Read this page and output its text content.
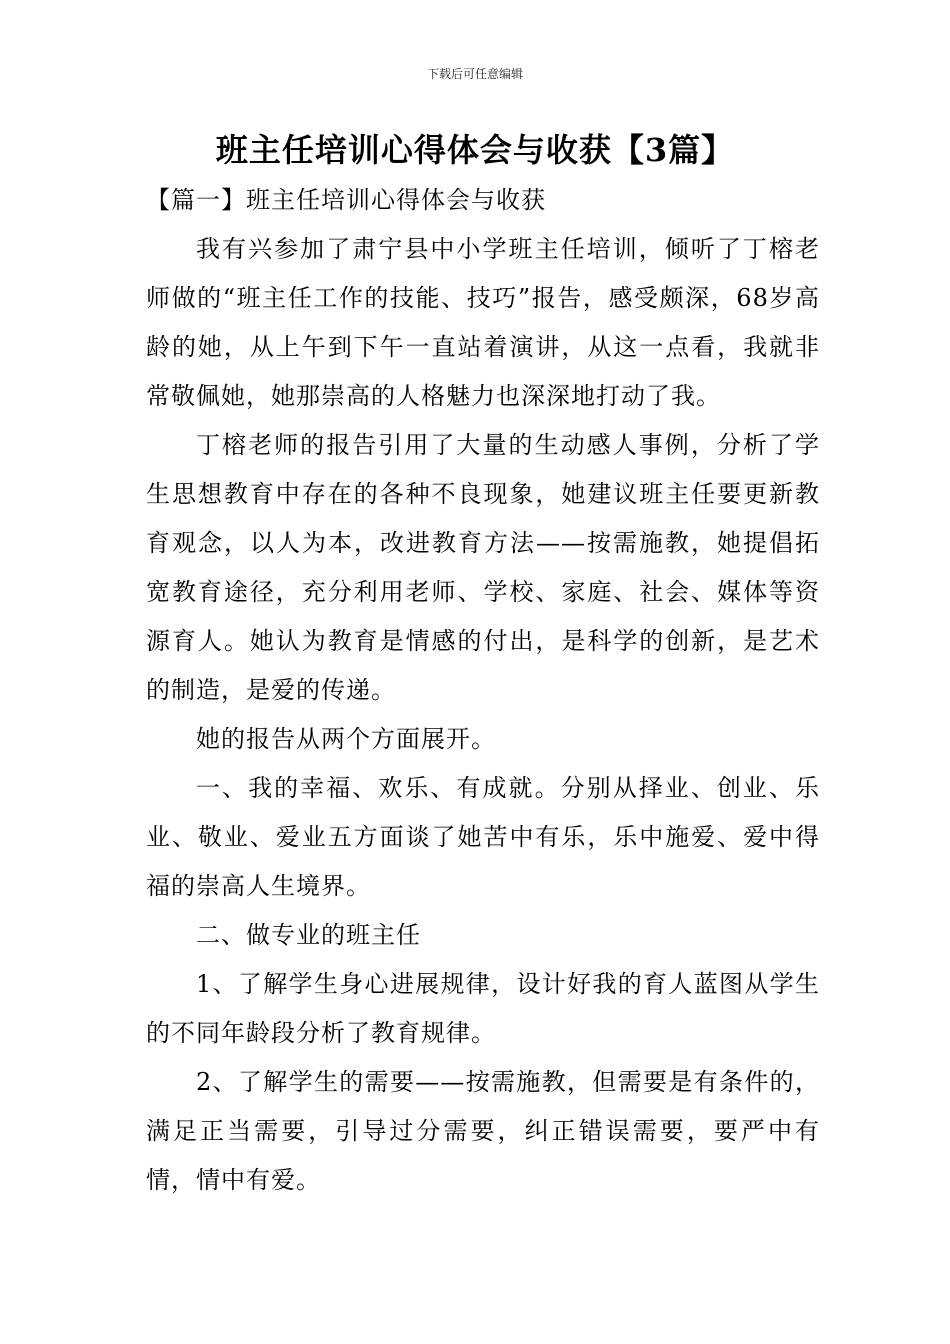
下载后可任意编辑
班主任培训心得体会与收获【3篇】

【篇一】班主任培训心得体会与收获

我有兴参加了肃宁县中小学班主任培训，倾听了丁榕老师做的“班主任工作的技能、技巧”报告，感受颇深，68岁高龄的她，从上午到下午一直站着演讲，从这一点看，我就非常敬佩她，她那崇高的人格魅力也深深地打动了我。

丁榕老师的报告引用了大量的生动感人事例，分析了学生思想教育中存在的各种不良现象，她建议班主任要更新教育观念，以人为本，改进教育方法——按需施教，她提倡拓宽教育途径，充分利用老师、学校、家庭、社会、媒体等资源育人。她认为教育是情感的付出，是科学的创新，是艺术的制造，是爱的传递。

她的报告从两个方面展开。

一、我的幸福、欢乐、有成就。分别从择业、创业、乐业、敬业、爱业五方面谈了她苦中有乐，乐中施爱、爱中得福的崇高人生境界。

二、做专业的班主任

1、了解学生身心进展规律，设计好我的育人蓝图从学生的不同年龄段分析了教育规律。

2、了解学生的需要——按需施教，但需要是有条件的，满足正当需要，引导过分需要，纠正错误需要，要严中有情，情中有爱。
